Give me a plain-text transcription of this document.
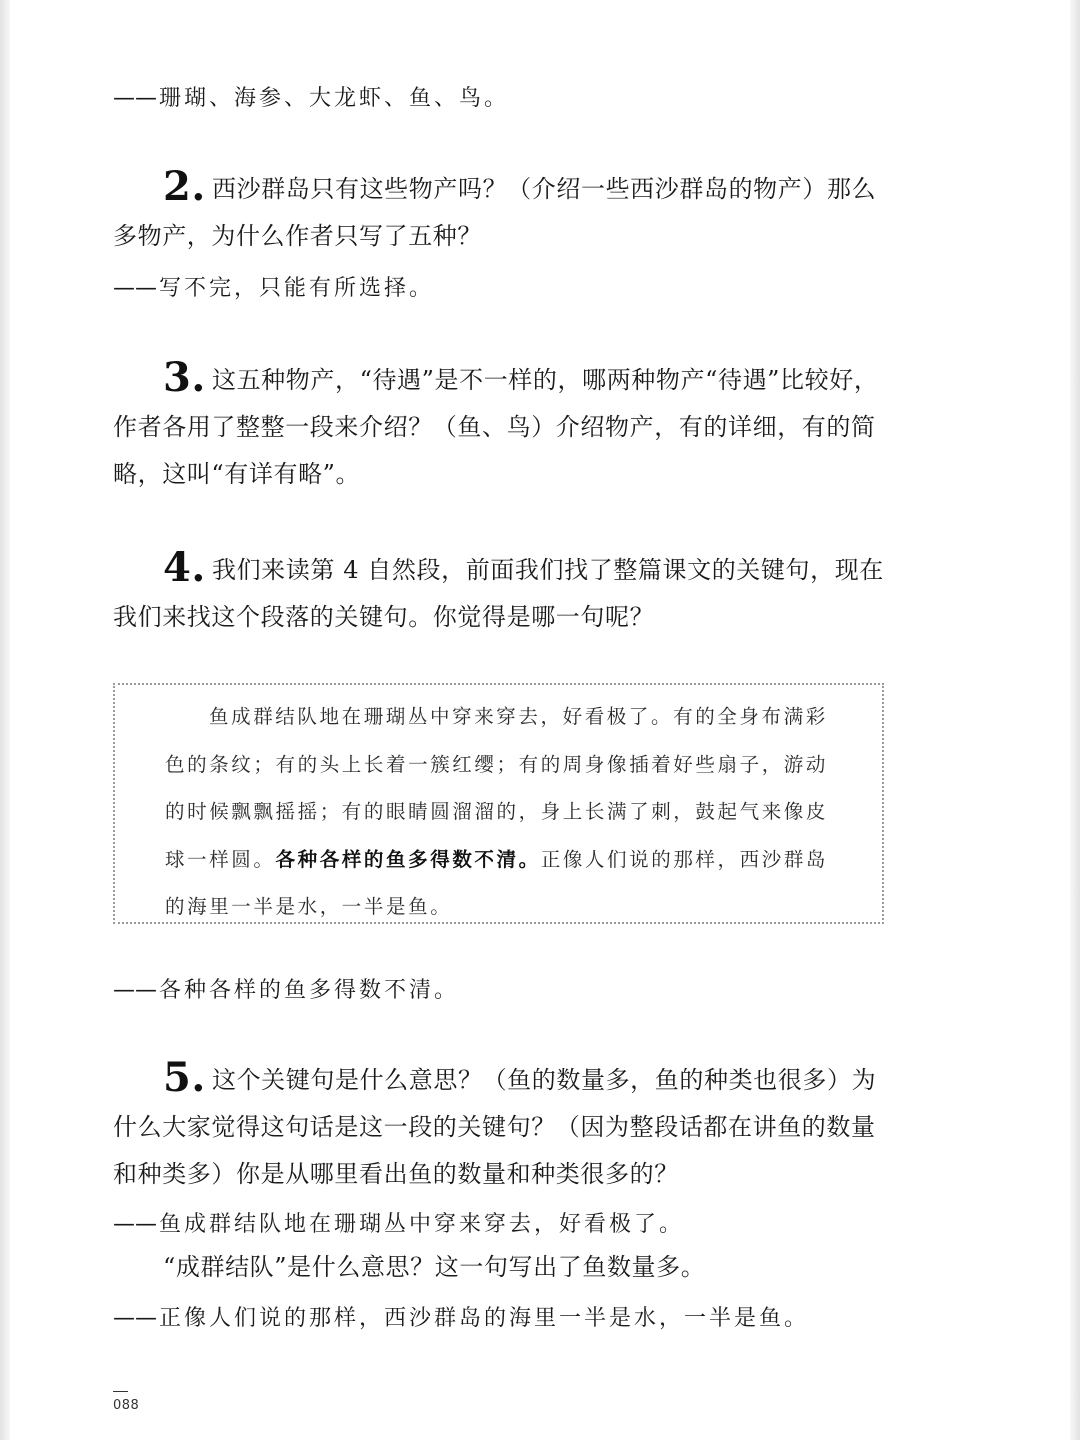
——珊瑚、海参、大龙虾、鱼、鸟。
2. 西沙群岛只有这些物产吗？（介绍一些西沙群岛的物产）那么多物产，为什么作者只写了五种？
——写不完，只能有所选择。
3. 这五种物产，“待遇”是不一样的，哪两种物产“待遇”比较好，作者各用了整整一段来介绍？（鱼、鸟）介绍物产，有的详细，有的简略，这叫“有详有略”。
4. 我们来读第 4 自然段，前面我们找了整篇课文的关键句，现在我们来找这个段落的关键句。你觉得是哪一句呢？
——各种各样的鱼多得数不清。
5. 这个关键句是什么意思？（鱼的数量多，鱼的种类也很多）为什么大家觉得这句话是这一段的关键句？（因为整段话都在讲鱼的数量和种类多）你是从哪里看出鱼的数量和种类很多的？
——鱼成群结队地在珊瑚丛中穿来穿去，好看极了。
“成群结队”是什么意思？这一句写出了鱼数量多。
——正像人们说的那样，西沙群岛的海里一半是水，一半是鱼。
鱼成群结队地在珊瑚丛中穿来穿去，好看极了。有的全身布满彩色的条纹；有的头上长着一簇红缨；有的周身像插着好些扇子，游动的时候飘飘摇摇；有的眼睛圆溜溜的，身上长满了刺，鼓起气来像皮球一样圆。各种各样的鱼多得数不清。正像人们说的那样，西沙群岛的海里一半是水，一半是鱼。
088
